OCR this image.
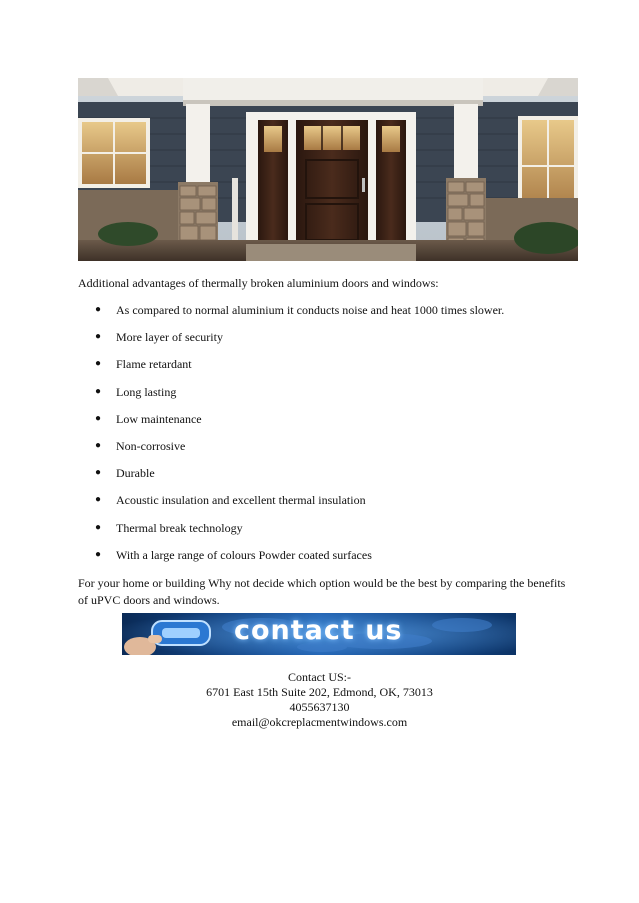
Additional advantages of thermally broken aluminium doors and windows:

● As compared to normal aluminium it conducts noise and heat 1000 times slower.
● More layer of security
● Flame retardant
● Long lasting
● Low maintenance
● Non-corrosive
● Durable
● Acoustic insulation and excellent thermal insulation
● Thermal break technology
● With a large range of colours Powder coated surfaces

For your home or building Why not decide which option would be the best by comparing the benefits of uPVC doors and windows.

contact us
Contact US:-
6701 East 15th Suite 202, Edmond, OK, 73013
4055637130
email@okcreplacmentwindows.com
